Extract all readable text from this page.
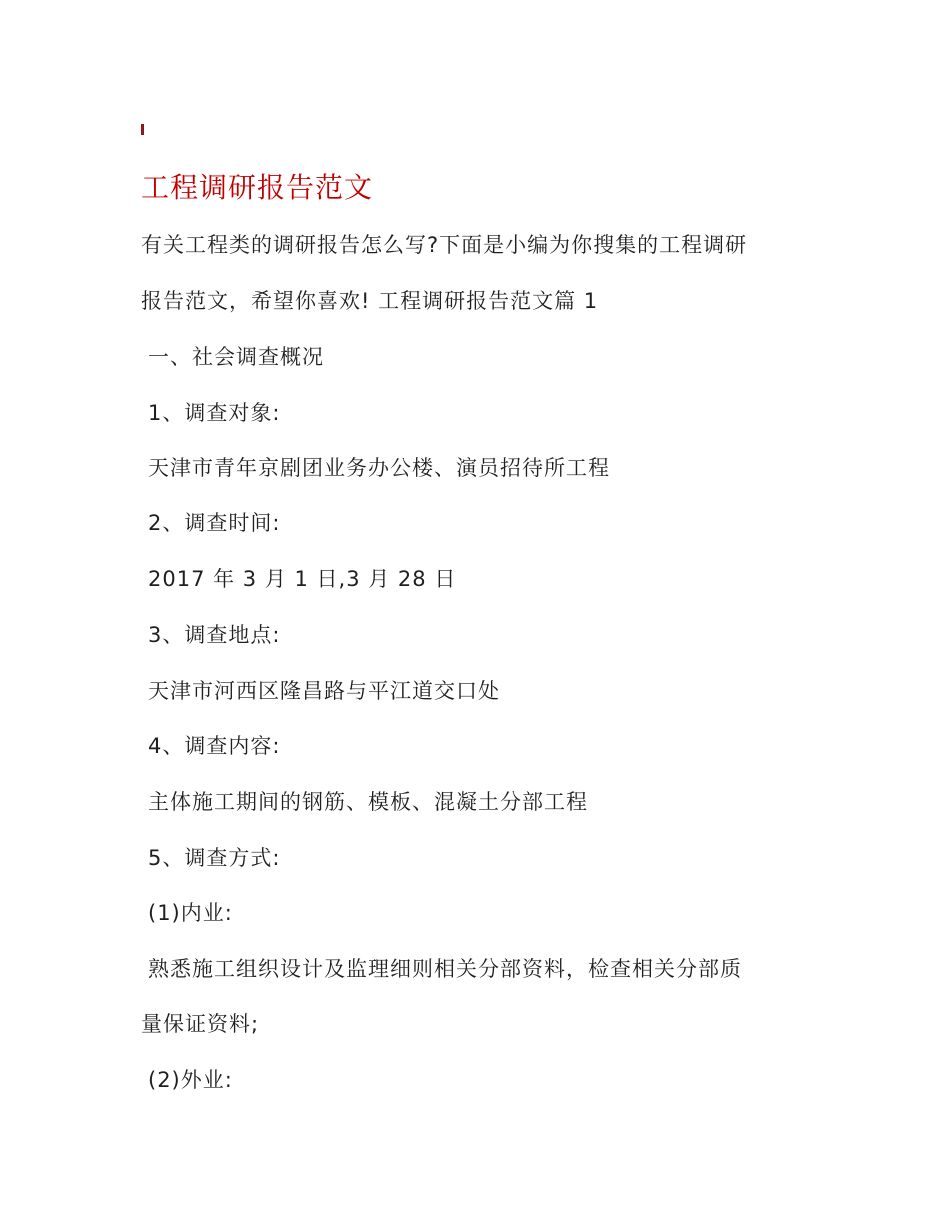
工程调研报告范文
有关工程类的调研报告怎么写?下面是小编为你搜集的工程调研
报告范文，希望你喜欢! 工程调研报告范文篇 1
一、社会调查概况
1、调查对象:
天津市青年京剧团业务办公楼、演员招待所工程
2、调查时间:
2017 年 3 月 1 日,3 月 28 日
3、调查地点:
天津市河西区隆昌路与平江道交口处
4、调查内容:
主体施工期间的钢筋、模板、混凝土分部工程
5、调查方式:
(1)内业:
熟悉施工组织设计及监理细则相关分部资料，检查相关分部质
量保证资料;
(2)外业:
